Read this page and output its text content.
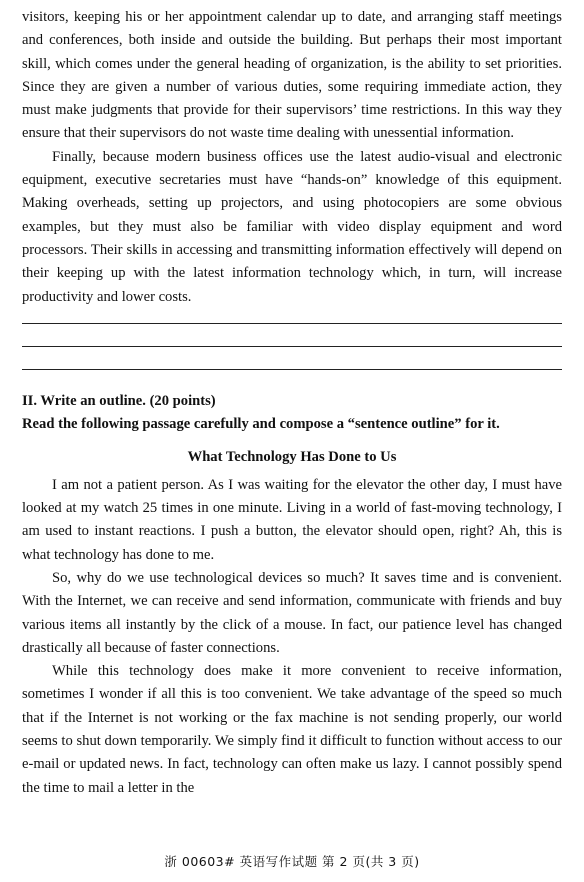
visitors, keeping his or her appointment calendar up to date, and arranging staff meetings and conferences, both inside and outside the building. But perhaps their most important skill, which comes under the general heading of organization, is the ability to set priorities. Since they are given a number of various duties, some requiring immediate action, they must make judgments that provide for their supervisors’ time restrictions. In this way they ensure that their supervisors do not waste time dealing with unessential information.

Finally, because modern business offices use the latest audio-visual and electronic equipment, executive secretaries must have “hands-on” knowledge of this equipment. Making overheads, setting up projectors, and using photocopiers are some obvious examples, but they must also be familiar with video display equipment and word processors. Their skills in accessing and transmitting information effectively will depend on their keeping up with the latest information technology which, in turn, will increase productivity and lower costs.

II. Write an outline. (20 points)
Read the following passage carefully and compose a “sentence outline” for it.
What Technology Has Done to Us

I am not a patient person. As I was waiting for the elevator the other day, I must have looked at my watch 25 times in one minute. Living in a world of fast-moving technology, I am used to instant reactions. I push a button, the elevator should open, right? Ah, this is what technology has done to me.

So, why do we use technological devices so much? It saves time and is convenient. With the Internet, we can receive and send information, communicate with friends and buy various items all instantly by the click of a mouse. In fact, our patience level has changed drastically all because of faster connections.

While this technology does make it more convenient to receive information, sometimes I wonder if all this is too convenient. We take advantage of the speed so much that if the Internet is not working or the fax machine is not sending properly, our world seems to shut down temporarily. We simply find it difficult to function without access to our e-mail or updated news. In fact, technology can often make us lazy. I cannot possibly spend the time to mail a letter in the

浙 00603# 英语写作试题 第 2 页(共 3 页)
